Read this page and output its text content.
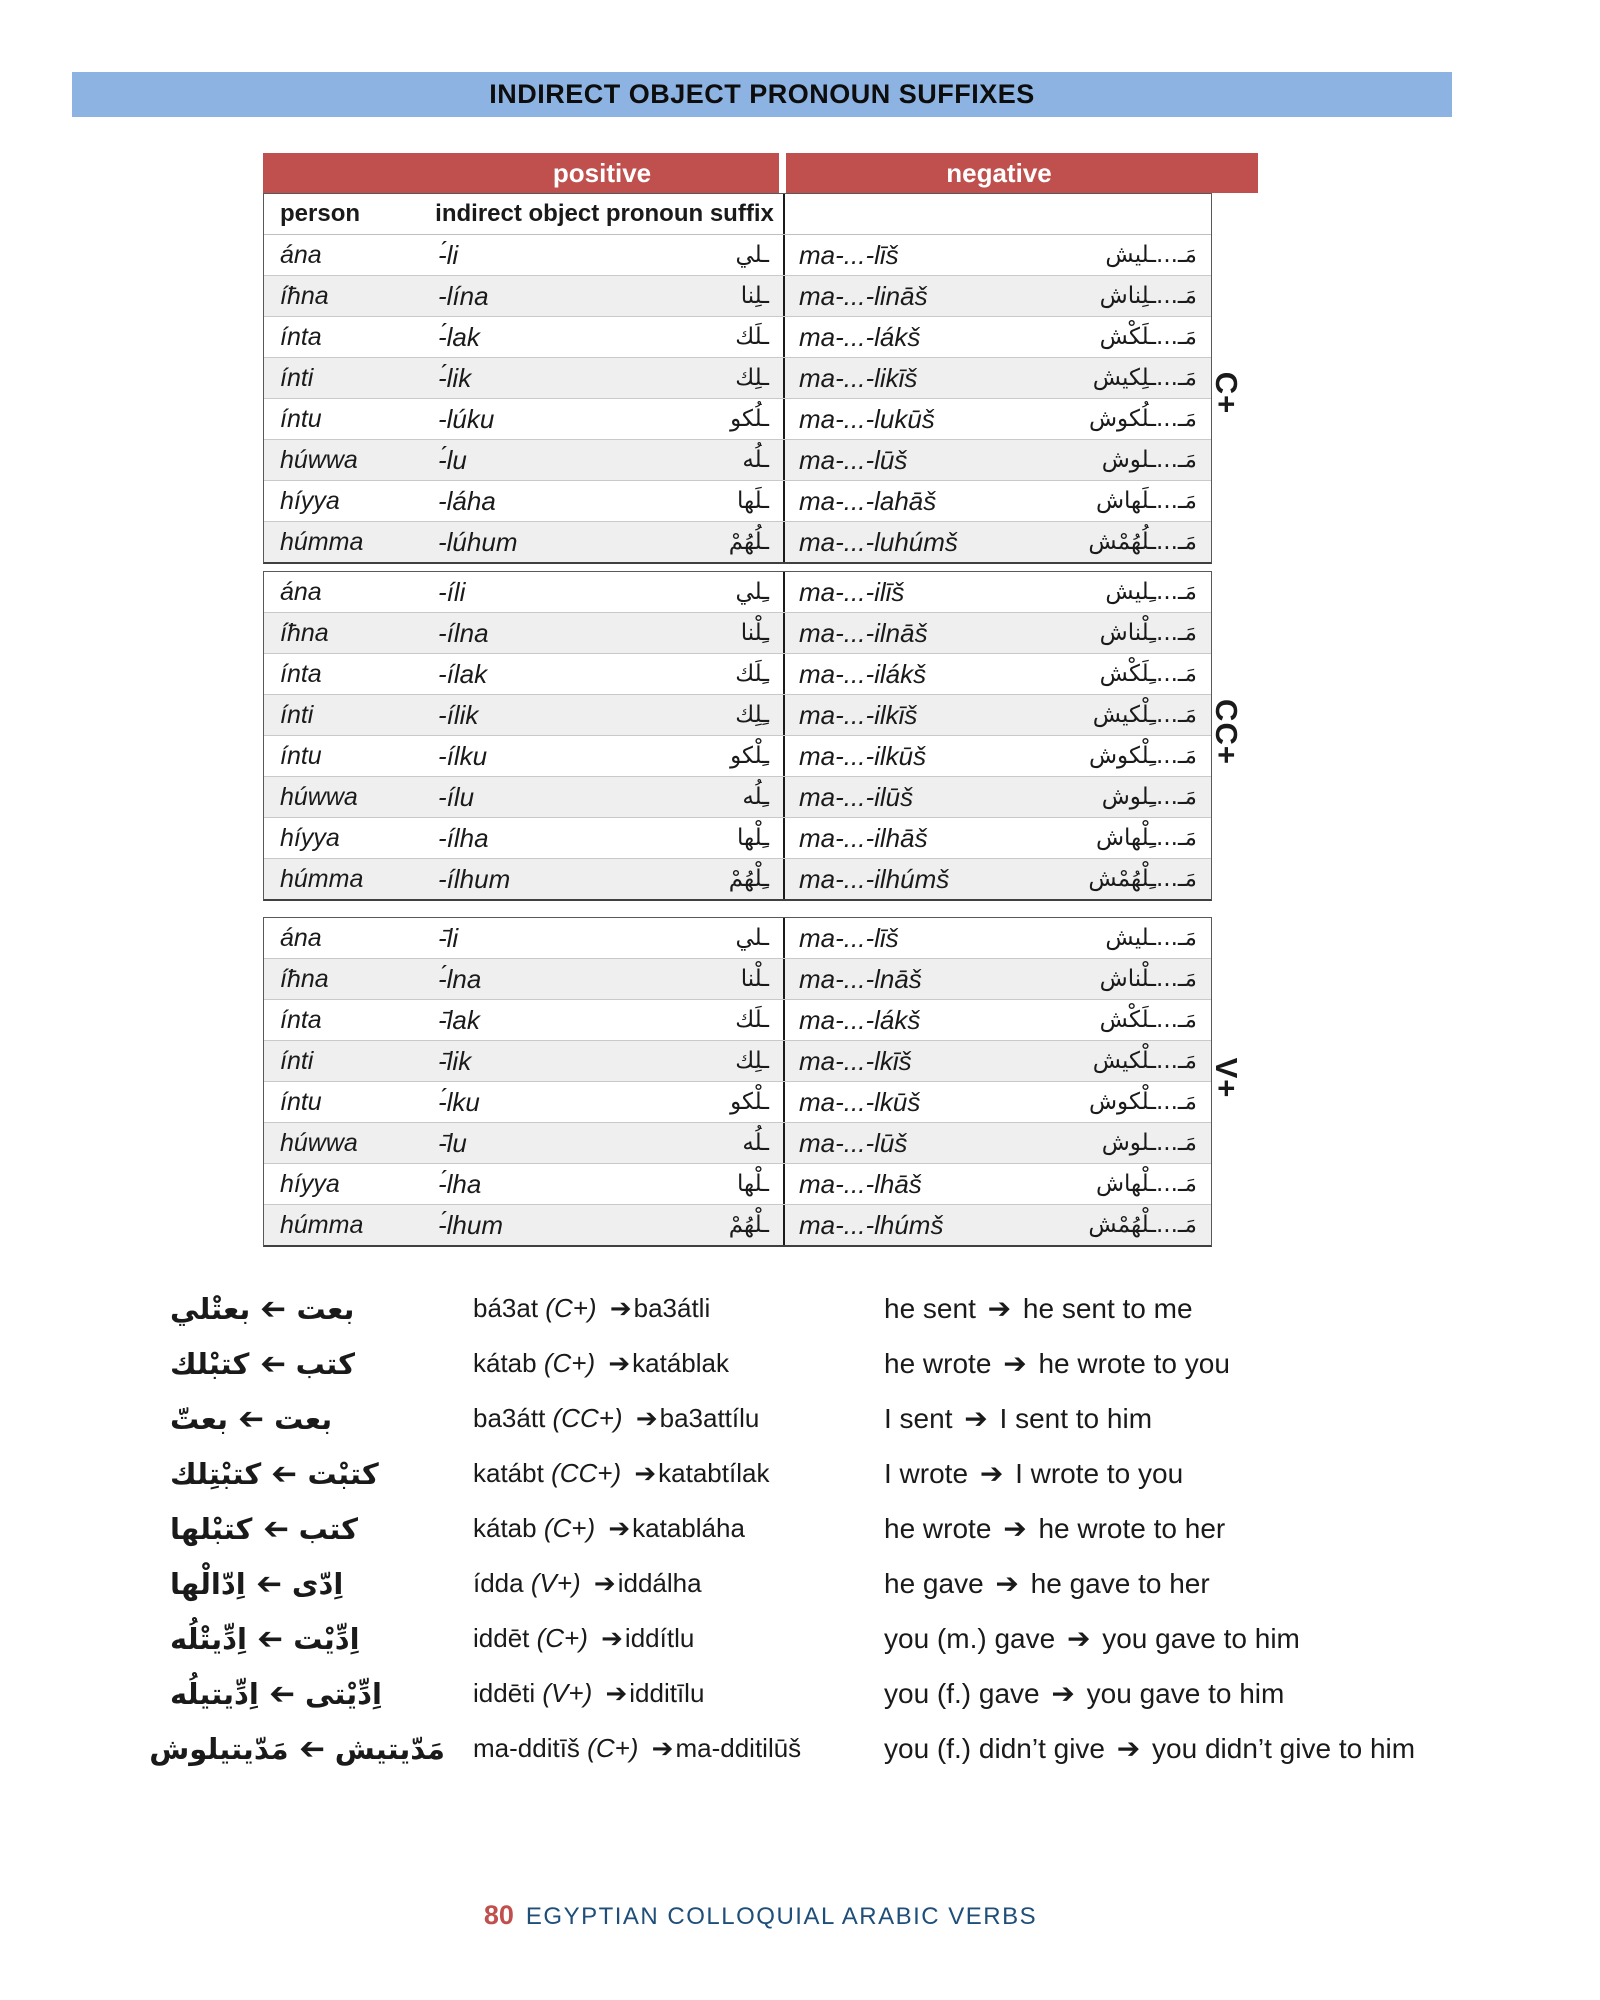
INDIRECT OBJECT PRONOUN SUFFIXES
positive	negative
person	indirect object pronoun suffix
ána	-́li	ـلي ma-...-līš	مَـ...ـليش
íħna	-lína	ـلِنا ma-...-lināš	مَـ...ـلِناش
ínta	-́lak	ـلَك ma-...-lákš	مَـ...ـلَكْش
ínti	-́lik	ـلِك ma-...-likīš	مَـ...ـلِكيش
íntu	-lúku	ـلُكو ma-...-lukūš	مَـ...ـلُكوش
húwwa	-́lu	ـلُه ma-...-lūš	مَـ...ـلوش
híyya	-láha	ـلَها ma-...-lahāš	مَـ...ـلَهاش
húmma	-lúhum	ـلُهُمْ ma-...-luhúmš	مَـ...ـلُهُمْش
ána	-íli	ـِلي ma-...-ilīš	مَـ...ـِليش
íħna	-ílna	ـِلْنا ma-...-ilnāš	مَـ...ـِلْناش
ínta	-ílak	ـِلَك ma-...-ilákš	مَـ...ـِلَكْش
ínti	-ílik	ـِلِك ma-...-ilkīš	مَـ...ـِلْكيش
íntu	-ílku	ـِلْكو ma-...-ilkūš	مَـ...ـِلْكوش
húwwa	-ílu	ـِلُه ma-...-ilūš	مَـ...ـِلوش
híyya	-ílha	ـِلْها ma-...-ilhāš	مَـ...ـِلْهاش
húmma	-ílhum	ـِلْهُمْ ma-...-ilhúmš	مَـ...ـِلْهُمْش
ána	-̄li	ـلي ma-...-līš	مَـ...ـليش
íħna	-́lna	ـلْنا ma-...-lnāš	مَـ...ـلْناش
ínta	-̄lak	ـلَك ma-...-lákš	مَـ...ـلَكْش
ínti	-̄lik	ـلِك ma-...-lkīš	مَـ...ـلْكيش
íntu	-́lku	ـلْكو ma-...-lkūš	مَـ...ـلْكوش
húwwa	-̄lu	ـلُه ma-...-lūš	مَـ...ـلوش
híyya	-́lha	ـلْها ma-...-lhāš	مَـ...ـلْهاش
húmma	-́lhum	ـلْهُمْ ma-...-lhúmš	مَـ...ـلْهُمْش
C+
CC+
V+
بعت ➔ بعتْلي	bá3at (C+) ➔ba3átli	he sent ➔ he sent to me
كتب ➔ كتبْلك	kátab (C+) ➔katáblak	he wrote ➔ he wrote to you
بعت ➔ بعتّ	ba3átt (CC+) ➔ba3attílu	I sent ➔ I sent to him
كتبْت ➔ كتبْتِلك	katábt (CC+) ➔katabtílak	I wrote ➔ I wrote to you
كتب ➔ كتبْلها	kátab (C+) ➔katabláha	he wrote ➔ he wrote to her
اِدّى ➔ اِدّالْها	ídda (V+) ➔iddálha	he gave ➔ he gave to her
اِدِّيْت ➔ اِدِّيتْلُه	iddēt (C+) ➔iddítlu	you (m.) gave ➔ you gave to him
اِدِّيْتى ➔ اِدِّيتيلُه	iddēti (V+) ➔idditīlu	you (f.) gave ➔ you gave to him
مَدّيتيش ➔ مَدّيتيلوش	ma-dditīš (C+) ➔ma-dditilūš	you (f.) didn’t give ➔ you didn’t give to him
80 EGYPTIAN COLLOQUIAL ARABIC VERBS
